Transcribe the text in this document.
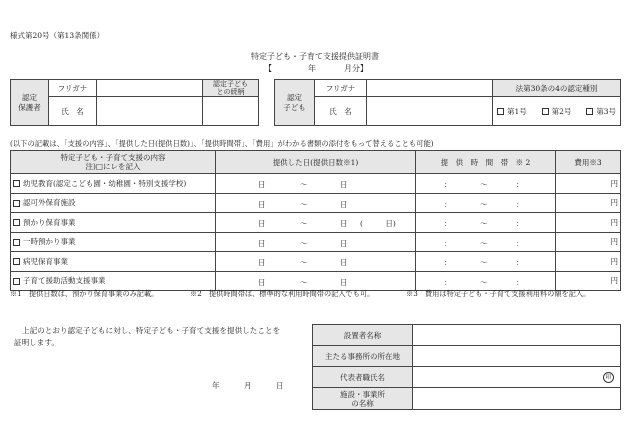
様式第20号（第13条関係）
特定子ども・子育て支援提供証明書
【	年	月分】
認定
保護者	フリガナ		認定子ども
との続柄
	氏　名		
認定
子ども	フリガナ		法第30条の4の認定種別
	氏　名		第1号 第2号 第3号
(以下の記載は、「支援の内容」、「提供した日(提供日数)」、「提供時間帯」、「費用」がわかる書類の添付をもって替えることも可能)
特定子ども・子育て支援の内容
注)□にレを記入	提供した日(提供日数※1)	提　供　時　間　帯　※ 2	費用※3
幼児教育(認定こども園・幼稚園・特別支援学校)	日 ～ 日	： ～ ：	円
認可外保育施設	日 ～ 日	： ～ ：	円
預かり保育事業	日 ～ 日 (　　　日)	： ～ ：	円
一時預かり事業	日 ～ 日	： ～ ：	円
病児保育事業	日 ～ 日	： ～ ：	円
子育て援助活動支援事業	日 ～ 日	： ～ ：	円
※1　提供日数は、預かり保育事業のみ記載。	※2　提供時間帯は、標準的な利用時間帯の記入でも可。	※3　費用は特定子ども・子育て支援利用料の額を記入。
上記のとおり認定子どもに対し、特定子ども・子育て支援を提供したことを
証明します。
年	月	日
設置者名称	
主たる事務所の所在地	
代表者職氏名	印
施設・事業所
の名称	
